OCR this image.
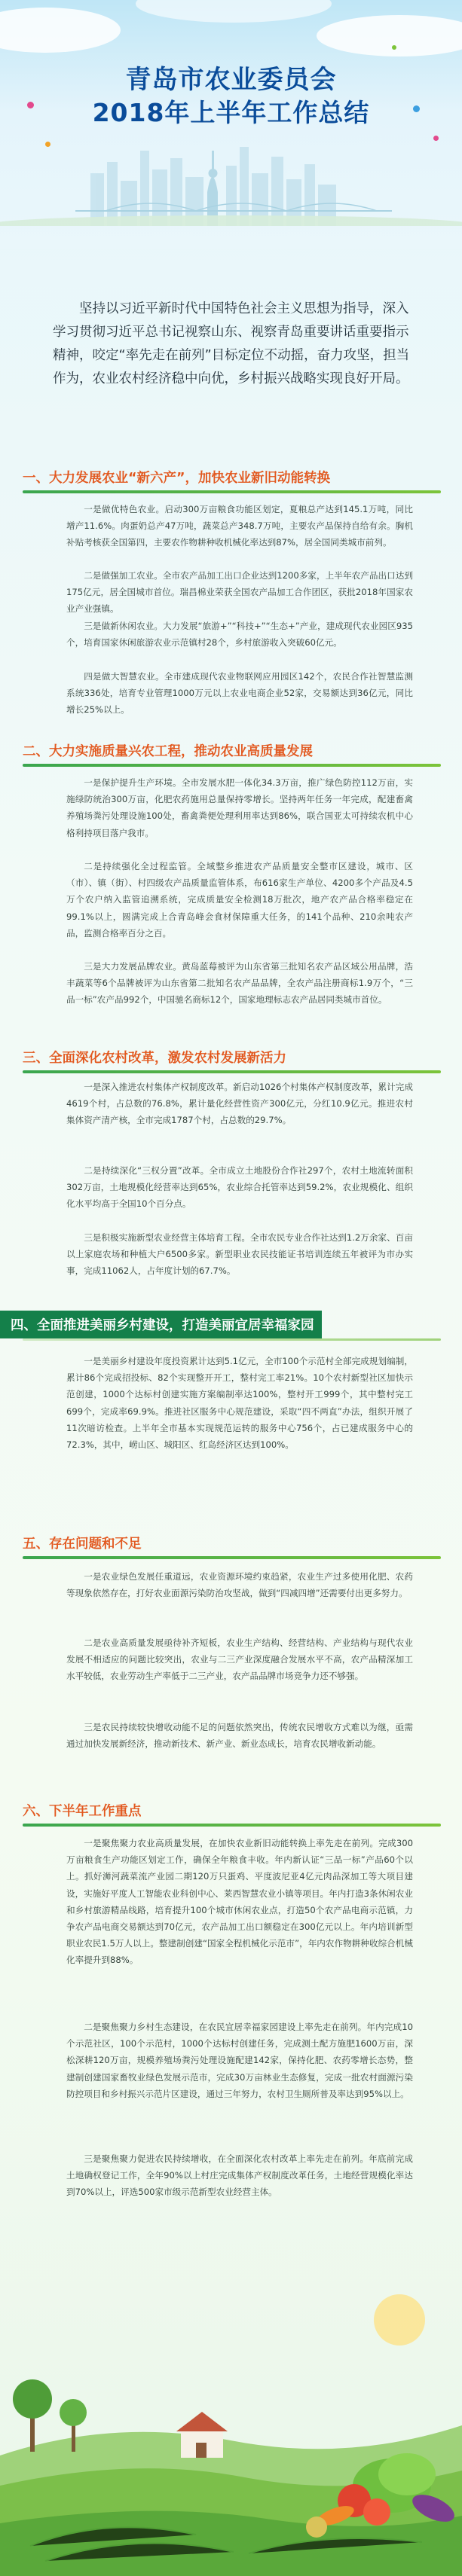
青岛市农业委员会
2018年上半年工作总结

坚持以习近平新时代中国特色社会主义思想为指导，深入学习贯彻习近平总书记视察山东、视察青岛重要讲话重要指示精神，咬定“率先走在前列”目标定位不动摇，奋力攻坚，担当作为，农业农村经济稳中向优，乡村振兴战略实现良好开局。

一、大力发展农业“新六产”，加快农业新旧动能转换

一是做优特色农业。启动300万亩粮食功能区划定，夏粮总产达到145.1万吨，同比增产11.6%。肉蛋奶总产47万吨，蔬菜总产348.7万吨，主要农产品保持自给有余。胸机补贴考核获全国第四，主要农作物耕种收机械化率达到87%，居全国同类城市前列。

二是做强加工农业。全市农产品加工出口企业达到1200多家，上半年农产品出口达到175亿元，居全国城市首位。瑞昌棉业荣获全国农产品加工合作团区，获批2018年国家农业产业强镇。

三是做新休闲农业。大力发展“旅游+”“科技+”“生态+”产业，建成现代农业园区935个，培育国家休闲旅游农业示范镇村28个，乡村旅游收入突破60亿元。

四是做大智慧农业。全市建成现代农业物联网应用园区142个，农民合作社智慧监测系统336处，培育专业管理1000万元以上农业电商企业52家，交易额达到36亿元，同比增长25%以上。

二、大力实施质量兴农工程，推动农业高质量发展

一是保护提升生产环境。全市发展水肥一体化34.3万亩，推广绿色防控112万亩，实施绿防统治300万亩，化肥农药施用总量保持零增长。坚持两年任务一年完成，配建畜禽养殖场粪污处理设施100处，畜禽粪便处理利用率达到86%，联合国亚太可持续农机中心格利持项目落户我市。

二是持续强化全过程监管。全域整乡推进农产品质量安全整市区建设，城市、区（市）、镇（街）、村四级农产品质量监管体系，布616家生产单位、4200多个产品及4.5万个农户纳入监管追溯系统，完成质量安全检测18万批次，地产农产品合格率稳定在99.1%以上，圆满完成上合青岛峰会食材保障重大任务，的141个品种、210余吨农产品，监测合格率百分之百。

三是大力发展品牌农业。黄岛蓝莓被评为山东省第三批知名农产品区域公用品牌，浩丰蔬菜等6个品牌被评为山东省第二批知名农产品品牌，全农产品注册商标1.9万个，“三品一标”农产品992个，中国驰名商标12个，国家地理标志农产品居同类城市首位。

三、全面深化农村改革，激发农村发展新活力

一是深入推进农村集体产权制度改革。新启动1026个村集体产权制度改革，累计完成4619个村，占总数的76.8%，累计量化经营性资产300亿元，分红10.9亿元。推进农村集体资产清产核，全市完成1787个村，占总数的29.7%。

二是持续深化“三权分置”改革。全市成立土地股份合作社297个，农村土地流转面积302万亩，土地规模化经营率达到65%，农业综合托管率达到59.2%，农业规模化、组织化水平均高于全国10个百分点。

三是积极实施新型农业经营主体培育工程。全市农民专业合作社达到1.2万余家、百亩以上家庭农场和种植大户6500多家。新型职业农民技能证书培训连续五年被评为市办实事，完成11062人，占年度计划的67.7%。

四、全面推进美丽乡村建设，打造美丽宜居幸福家园

一是美丽乡村建设年度投资累计达到5.1亿元，全市100个示范村全部完成规划编制，累计86个完成招投标、82个实现整开开工，整村完工率21%。10个农村新型社区加快示范创建，1000个达标村创建实施方案编制率达100%，整村开工999个，其中整村完工699个，完成率69.9%。推进社区服务中心规范建设，采取“四不两直”办法，组织开展了11次暗访检查。上半年全市基本实现规范运转的服务中心756个，占已建成服务中心的72.3%，其中，崂山区、城阳区、红岛经济区达到100%。

五、存在问题和不足

一是农业绿色发展任重道远，农业资源环境约束趋紧，农业生产过多使用化肥、农药等现象依然存在，打好农业面源污染防治攻坚战，做到“四减四增”还需要付出更多努力。

二是农业高质量发展亟待补齐短板，农业生产结构、经营结构、产业结构与现代农业发展不相适应的问题比较突出，农业与二三产业深度融合发展水平不高，农产品精深加工水平较低，农业劳动生产率低于二三产业，农产品品牌市场竞争力还不够强。

三是农民持续较快增收动能不足的问题依然突出，传统农民增收方式难以为继，亟需通过加快发展新经济，推动新技术、新产业、新业态成长，培育农民增收新动能。

六、下半年工作重点

一是聚焦聚力农业高质量发展，在加快农业新旧动能转换上率先走在前列。完成300万亩粮食生产功能区划定工作，确保全年粮食丰收。年内新认证“三品一标”产品60个以上。抓好浉河蔬菜流产业园二期120万只蛋鸡、平度波尼亚4亿元肉品深加工等大项目建设，实施好平度人工智能农业科创中心、莱西智慧农业小镇等项目。年内打造3条休闲农业和乡村旅游精品线路，培育提升100个城市休闲农业点，打造50个农产品电商示范镇，力争农产品电商交易额达到70亿元，农产品加工出口额稳定在300亿元以上。年内培训新型职业农民1.5万人以上。整建制创建“国家全程机械化示范市”，年内农作物耕种收综合机械化率提升到88%。

二是聚焦聚力乡村生态建设，在农民宜居幸福家园建设上率先走在前列。年内完成10个示范社区，100个示范村，1000个达标村创建任务，完成测土配方施肥1600万亩，深松深耕120万亩，规模养殖场粪污处理设施配建142家，保持化肥、农药零增长态势，整建制创建国家畜牧业绿色发展示范市，完成30万亩林业生态修复，完成一批农村面源污染防控项目和乡村振兴示范片区建设，通过三年努力，农村卫生厕所普及率达到95%以上。

三是聚焦聚力促进农民持续增收，在全面深化农村改革上率先走在前列。年底前完成土地确权登记工作，全年90%以上村庄完成集体产权制度改革任务，土地经营规模化率达到70%以上，评选500家市级示范新型农业经营主体。
